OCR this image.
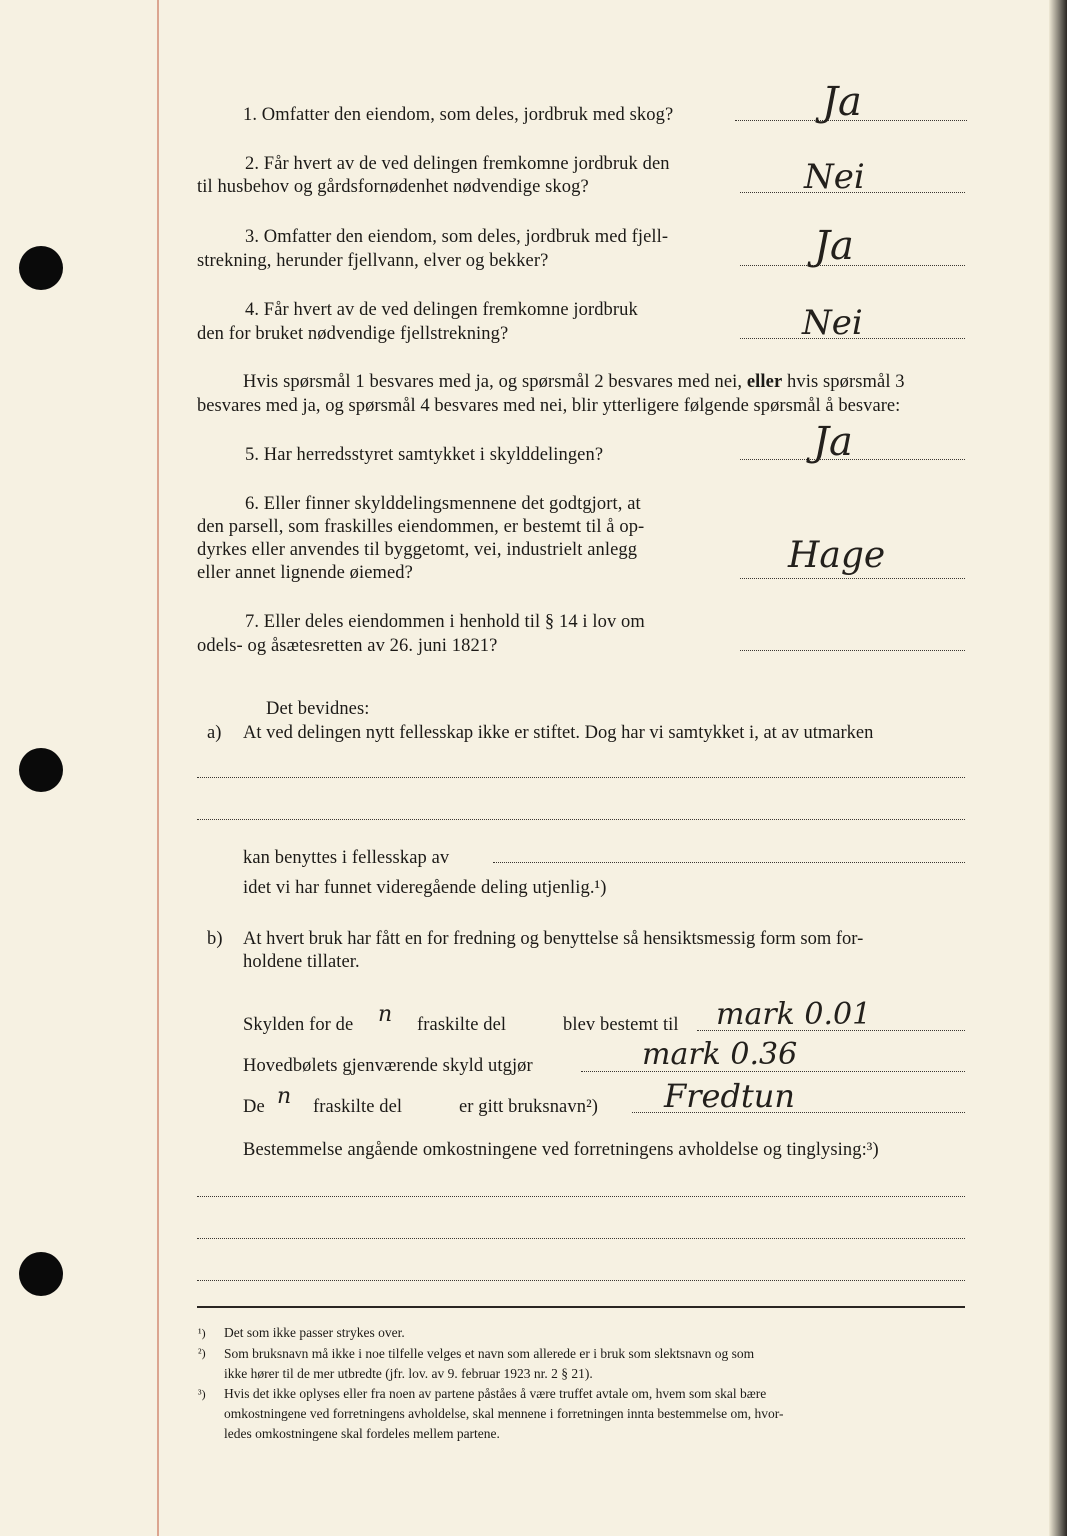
1. Omfatter den eiendom, som deles, jordbruk med skog?	Ja
2. Får hvert av de ved delingen fremkomne jordbruk den
til husbehov og gårdsfornødenhet nødvendige skog?	Nei
3. Omfatter den eiendom, som deles, jordbruk med fjell-
strekning, herunder fjellvann, elver og bekker?	Ja
4. Får hvert av de ved delingen fremkomne jordbruk
den for bruket nødvendige fjellstrekning?	Nei
Hvis spørsmål 1 besvares med ja, og spørsmål 2 besvares med nei, eller hvis spørsmål 3
besvares med ja, og spørsmål 4 besvares med nei, blir ytterligere følgende spørsmål å besvare:
5. Har herredsstyret samtykket i skylddelingen?	Ja
6. Eller finner skylddelingsmennene det godtgjort, at
den parsell, som fraskilles eiendommen, er bestemt til å op-
dyrkes eller anvendes til byggetomt, vei, industrielt anlegg
eller annet lignende øiemed?	Hage
7. Eller deles eiendommen i henhold til § 14 i lov om
odels- og åsætesretten av 26. juni 1821?
Det bevidnes:
a) At ved delingen nytt fellesskap ikke er stiftet. Dog har vi samtykket i, at av utmarken
kan benyttes i fellesskap av
idet vi har funnet videregående deling utjenlig.¹)
b) At hvert bruk har fått en for fredning og benyttelse så hensiktsmessig form som for-
holdene tillater.
Skylden for de n fraskilte del	blev bestemt til mark 0.01
Hovedbølets gjenværende skyld utgjør	mark 0.36
De n fraskilte del	er gitt bruksnavn²) Fredtun
Bestemmelse angående omkostningene ved forretningens avholdelse og tinglysing:³)
¹) Det som ikke passer strykes over.
²) Som bruksnavn må ikke i noe tilfelle velges et navn som allerede er i bruk som slektsnavn og som
ikke hører til de mer utbredte (jfr. lov. av 9. februar 1923 nr. 2 § 21).
³) Hvis det ikke oplyses eller fra noen av partene påståes å være truffet avtale om, hvem som skal bære
omkostningene ved forretningens avholdelse, skal mennene i forretningen innta bestemmelse om, hvor-
ledes omkostningene skal fordeles mellem partene.
